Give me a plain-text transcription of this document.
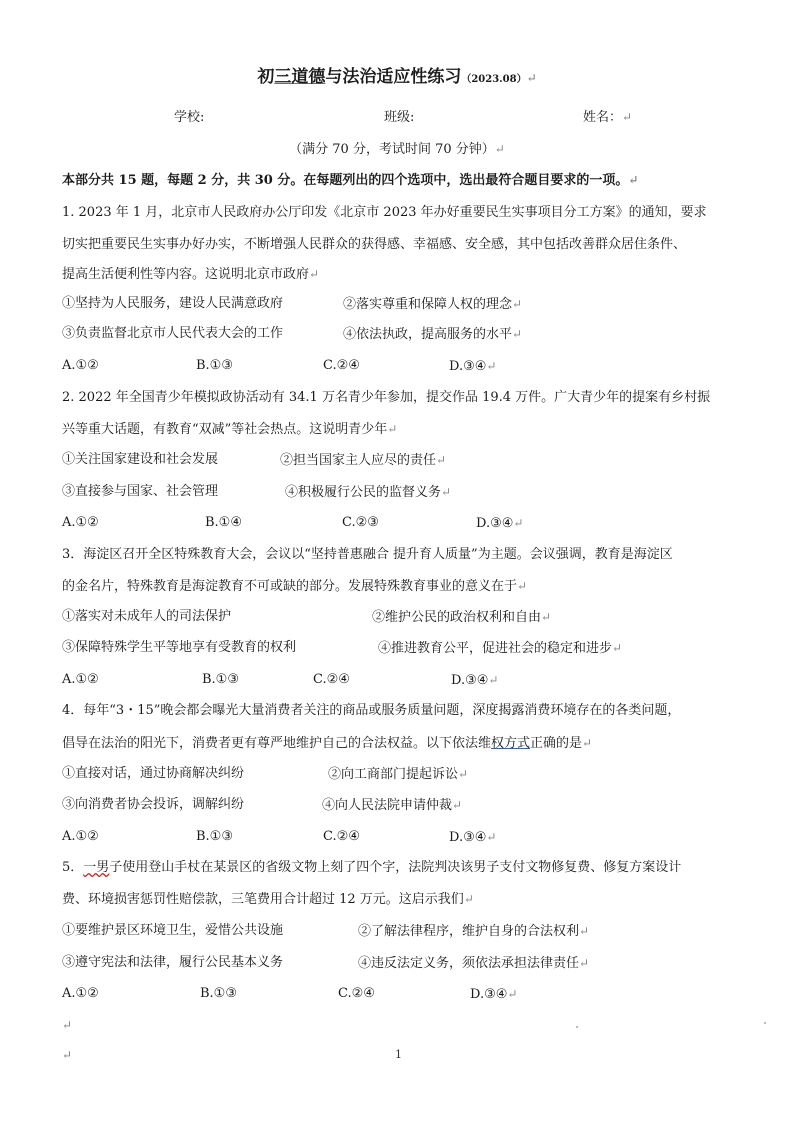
初三道德与法治适应性练习（2023.08）↵
学校:	班级:	姓名：↵
（满分 70 分，考试时间 70 分钟）↵
本部分共 15 题，每题 2 分，共 30 分。在每题列出的四个选项中，选出最符合题目要求的一项。↵
1. 2023 年 1 月，北京市人民政府办公厅印发《北京市 2023 年办好重要民生实事项目分工方案》的通知，要求
切实把重要民生实事办好办实，不断增强人民群众的获得感、幸福感、安全感，其中包括改善群众居住条件、
提高生活便利性等内容。这说明北京市政府↵
①坚持为人民服务，建设人民满意政府	②落实尊重和保障人权的理念↵
③负责监督北京市人民代表大会的工作	④依法执政，提高服务的水平↵
A.①②	B.①③	C.②④	D.③④↵
2. 2022 年全国青少年模拟政协活动有 34.1 万名青少年参加，提交作品 19.4 万件。广大青少年的提案有乡村振
兴等重大话题，有教育“双减”等社会热点。这说明青少年↵
①关注国家建设和社会发展	②担当国家主人应尽的责任↵
③直接参与国家、社会管理	④积极履行公民的监督义务↵
A.①②	B.①④	C.②③	D.③④↵
3．海淀区召开全区特殊教育大会，会议以“坚持普惠融合 提升育人质量”为主题。会议强调，教育是海淀区
的金名片，特殊教育是海淀教育不可或缺的部分。发展特殊教育事业的意义在于↵
①落实对未成年人的司法保护	②维护公民的政治权利和自由↵
③保障特殊学生平等地享有受教育的权利	④推进教育公平，促进社会的稳定和进步↵
A.①②	B.①③	C.②④	D.③④↵
4．每年“3・15”晚会都会曝光大量消费者关注的商品或服务质量问题，深度揭露消费环境存在的各类问题，
倡导在法治的阳光下，消费者更有尊严地维护自己的合法权益。以下依法维权方式正确的是↵
①直接对话，通过协商解决纠纷	②向工商部门提起诉讼↵
③向消费者协会投诉，调解纠纷	④向人民法院申请仲裁↵
A.①②	B.①③	C.②④	D.③④↵
5．一男子使用登山手杖在某景区的省级文物上刻了四个字，法院判决该男子支付文物修复费、修复方案设计
费、环境损害惩罚性赔偿款，三笔费用合计超过 12 万元。这启示我们↵
①要维护景区环境卫生，爱惜公共设施	②了解法律程序，维护自身的合法权利↵
③遵守宪法和法律，履行公民基本义务	④违反法定义务，须依法承担法律责任↵
A.①②	B.①③	C.②④	D.③④↵
↵
↵	1
